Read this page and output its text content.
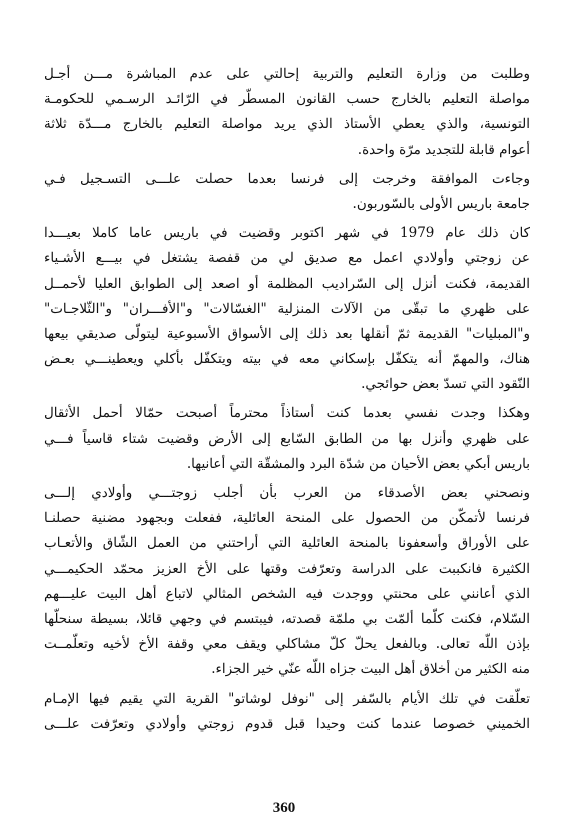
وطلبت من وزارة التعليم والتربية إحالتي على عدم المباشرة مـــن أجـل
مواصلة التعليم بالخارج حسب القانون المسطّر في الرّائـد الرسـمي للحكومـة
التونسية، والذي يعطي الأستاذ الذي يريد مواصلة التعليم بالخارج مـــدّة ثلاثة
أعوام قابلة للتجديد مرّة واحدة.
وجاءت الموافقة وخرجت إلى فرنسا بعدما حصلت علـــى التسـجيل فـي
جامعة باريس الأولى بالسّوربون.
كان ذلك عام 1979 في شهر اكتوبر وقضيت في باريس عاما كاملا بعيـــدا
عن زوجتي وأولادي اعمل مع صديق لي من قفصة يشتغل في بيـــع الأشـياء
القديمة، فكنت أنزل إلى السّراديب المظلمة أو اصعد إلى الطوابق العليا لأحمــل
على ظهري ما تبقّى من الآلات المنزلية "الغسّالات" و"الأفـــران" و"الثّلاجـات"
و"المبليات" القديمة ثمّ أنقلها بعد ذلك إلى الأسواق الأسبوعية ليتولّى صديقي بيعها
هناك، والمهمّ أنه يتكفّل بإسكاني معه في بيته ويتكفّل بأكلي ويعطينـــي بعـض
النّقود التي تسدّ بعض حوائجي.
وهكذا وجدت نفسي بعدما كنت أستاذاً محترماً أصبحت حمّالا أحمل الأثقال
على ظهري وأنزل بها من الطابق السّابع إلى الأرض وقضيت شتاء قاسياً فـــي
باريس أبكي بعض الأحيان من شدّة البرد والمشقّة التي أعانيها.
ونصحني بعض الأصدقاء من العرب بأن أجلب زوجتـــي وأولادي إلـــى
فرنسا لأتمكّن من الحصول على المنحة العائلية، ففعلت وبجهود مضنية حصلنـا
على الأوراق وأسعفونا بالمنحة العائلية التي أراحتني من العمل الشّاق والأتعـاب
الكثيرة فانكببت على الدراسة وتعرّفت وقتها على الأخ العزيز محمّد الحكيمـــي
الذي أعانني على محنتي ووجدت فيه الشخص المثالي لاتباع أهل البيت عليـــهم
السّلام، فكنت كلّما ألمّت بي ملمّة قصدته، فيبتسم في وجهي قائلا، بسيطة سنحلّها
بإذن اللّه تعالى. وبالفعل يحلّ كلّ مشاكلي ويقف معي وقفة الأخ لأخيه وتعلّمــت
منه الكثير من أخلاق أهل البيت جزاه اللّه عنّي خير الجزاء.
تعلّقت في تلك الأيام بالسّفر إلى "نوفل لوشاتو" القرية التي يقيم فيها الإمـام
الخميني خصوصا عندما كنت وحيدا قبل قدوم زوجتي وأولادي وتعرّفت علـــى
360
